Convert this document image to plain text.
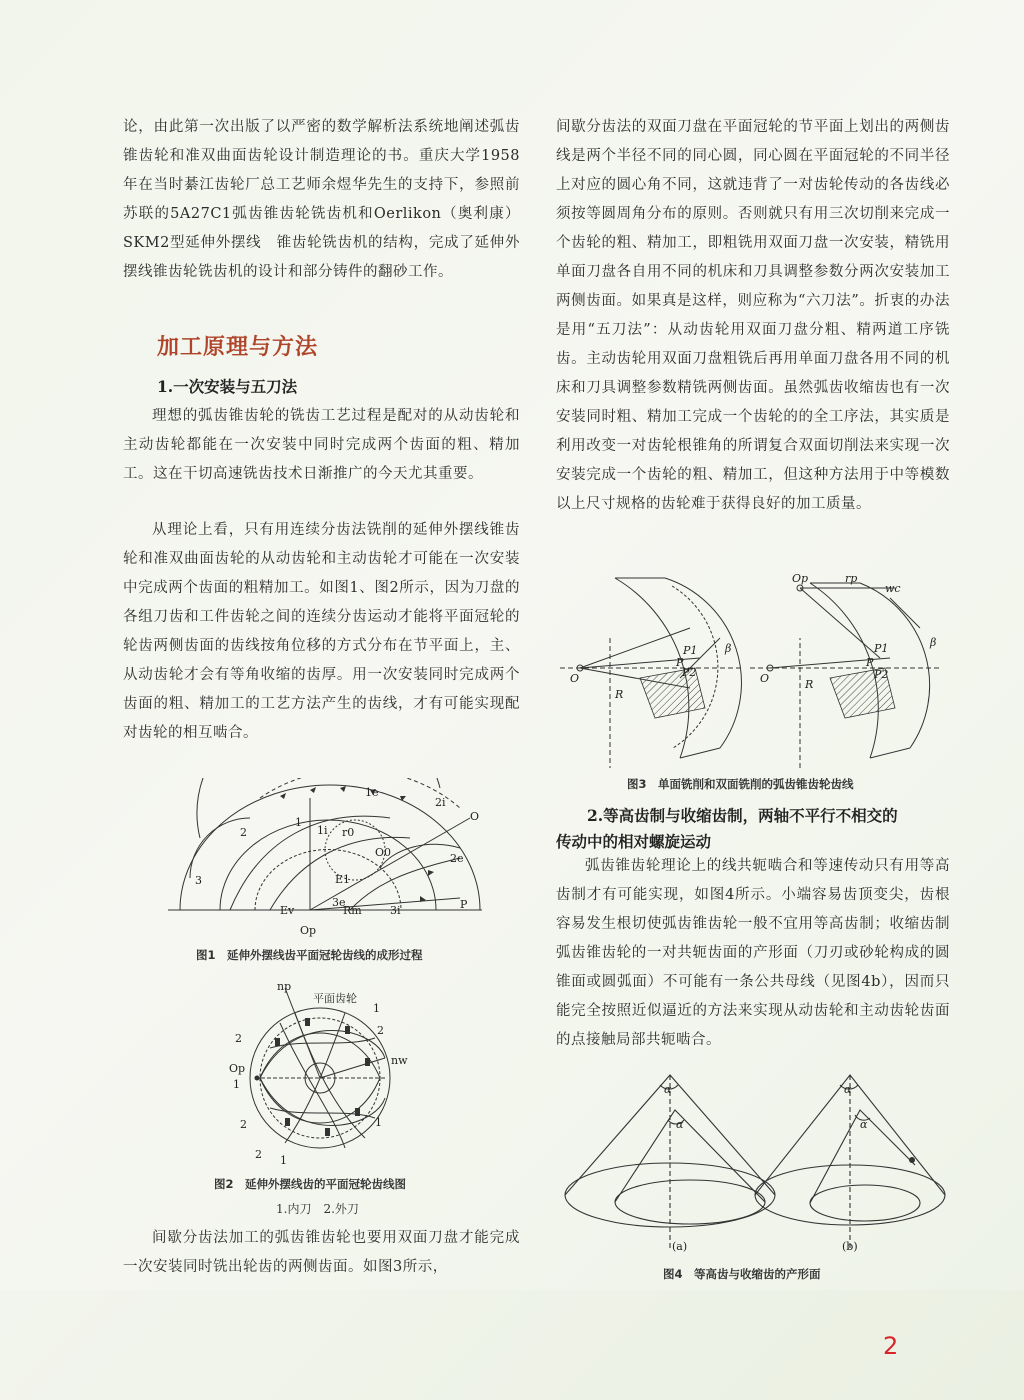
论，由此第一次出版了以严密的数学解析法系统地阐述弧齿锥齿轮和准双曲面齿轮设计制造理论的书。重庆大学1958年在当时綦江齿轮厂总工艺师余煜华先生的支持下，参照前苏联的5A27C1弧齿锥齿轮铣齿机和Oerlikon（奥利康）SKM2型延伸外摆线　锥齿轮铣齿机的结构，完成了延伸外摆线锥齿轮铣齿机的设计和部分铸件的翻砂工作。

加工原理与方法
1.一次安装与五刀法

理想的弧齿锥齿轮的铣齿工艺过程是配对的从动齿轮和主动齿轮都能在一次安装中同时完成两个齿面的粗、精加工。这在干切高速铣齿技术日渐推广的今天尤其重要。

从理论上看，只有用连续分齿法铣削的延伸外摆线锥齿轮和准双曲面齿轮的从动齿轮和主动齿轮才可能在一次安装中完成两个齿面的粗精加工。如图1、图2所示，因为刀盘的各组刀齿和工件齿轮之间的连续分齿运动才能将平面冠轮的轮齿两侧齿面的齿线按角位移的方式分布在节平面上，主、从动齿轮才会有等角收缩的齿厚。用一次安装同时完成两个齿面的粗、精加工的工艺方法产生的齿线，才有可能实现配对齿轮的相互啮合。

1e
2i
O
2
1
1i r0
O0	2e
3	E1
3e
Rm
Ev	3i	P
Op
图1　延伸外摆线齿平面冠轮齿线的成形过程
np
平面齿轮
1
2
2
Op
1
nw
1
2
2 1
图2　延伸外摆线齿的平面冠轮齿线图
1.内刀　2.外刀

间歇分齿法加工的弧齿锥齿轮也要用双面刀盘才能完成一次安装同时铣出轮齿的两侧齿面。如图3所示，

间歇分齿法的双面刀盘在平面冠轮的节平面上划出的两侧齿线是两个半径不同的同心圆，同心圆在平面冠轮的不同半径上对应的圆心角不同，这就违背了一对齿轮传动的各齿线必须按等圆周角分布的原则。否则就只有用三次切削来完成一个齿轮的粗、精加工，即粗铣用双面刀盘一次安装，精铣用单面刀盘各自用不同的机床和刀具调整参数分两次安装加工两侧齿面。如果真是这样，则应称为“六刀法”。折衷的办法是用“五刀法”：从动齿轮用双面刀盘分粗、精两道工序铣齿。主动齿轮用双面刀盘粗铣后再用单面刀盘各用不同的机床和刀具调整参数精铣两侧齿面。虽然弧齿收缩齿也有一次安装同时粗、精加工完成一个齿轮的的全工序法，其实质是利用改变一对齿轮根锥角的所谓复合双面切削法来实现一次安装完成一个齿轮的粗、精加工，但这种方法用于中等模数以上尺寸规格的齿轮难于获得良好的加工质量。

O
R
P1
P
P2
β
O	R
Op	rp
wc
P1
P
P2
β
图3　单面铣削和双面铣削的弧齿锥齿轮齿线
2.等高齿制与收缩齿制，两轴不平行不相交的
传动中的相对螺旋运动

弧齿锥齿轮理论上的线共轭啮合和等速传动只有用等高齿制才有可能实现，如图4所示。小端容易齿顶变尖，齿根容易发生根切使弧齿锥齿轮一般不宜用等高齿制；收缩齿制弧齿锥齿轮的一对共轭齿面的产形面（刀刃或砂轮构成的圆锥面或圆弧面）不可能有一条公共母线（见图4b），因而只能完全按照近似逼近的方法来实现从动齿轮和主动齿轮齿面的点接触局部共轭啮合。

α
α
α
α
(a)	(b)
图4　等高齿与收缩齿的产形面
2
